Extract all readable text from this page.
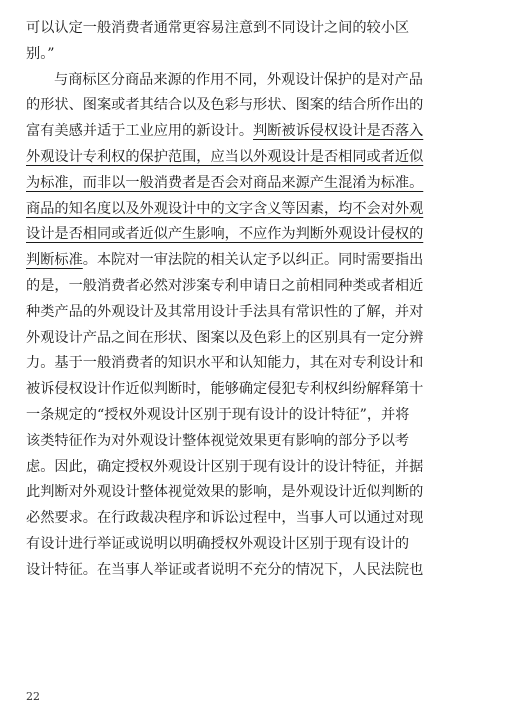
可以认定一般消费者通常更容易注意到不同设计之间的较小区
别。”
与商标区分商品来源的作用不同，外观设计保护的是对产品
的形状、图案或者其结合以及色彩与形状、图案的结合所作出的
富有美感并适于工业应用的新设计。判断被诉侵权设计是否落入
外观设计专利权的保护范围，应当以外观设计是否相同或者近似
为标准，而非以一般消费者是否会对商品来源产生混淆为标准。
商品的知名度以及外观设计中的文字含义等因素，均不会对外观
设计是否相同或者近似产生影响，不应作为判断外观设计侵权的
判断标准。本院对一审法院的相关认定予以纠正。同时需要指出
的是，一般消费者必然对涉案专利申请日之前相同种类或者相近
种类产品的外观设计及其常用设计手法具有常识性的了解，并对
外观设计产品之间在形状、图案以及色彩上的区别具有一定分辨
力。基于一般消费者的知识水平和认知能力，其在对专利设计和
被诉侵权设计作近似判断时，能够确定侵犯专利权纠纷解释第十
一条规定的“授权外观设计区别于现有设计的设计特征”，并将
该类特征作为对外观设计整体视觉效果更有影响的部分予以考
虑。因此，确定授权外观设计区别于现有设计的设计特征，并据
此判断对外观设计整体视觉效果的影响，是外观设计近似判断的
必然要求。在行政裁决程序和诉讼过程中，当事人可以通过对现
有设计进行举证或说明以明确授权外观设计区别于现有设计的
设计特征。在当事人举证或者说明不充分的情况下，人民法院也
22
